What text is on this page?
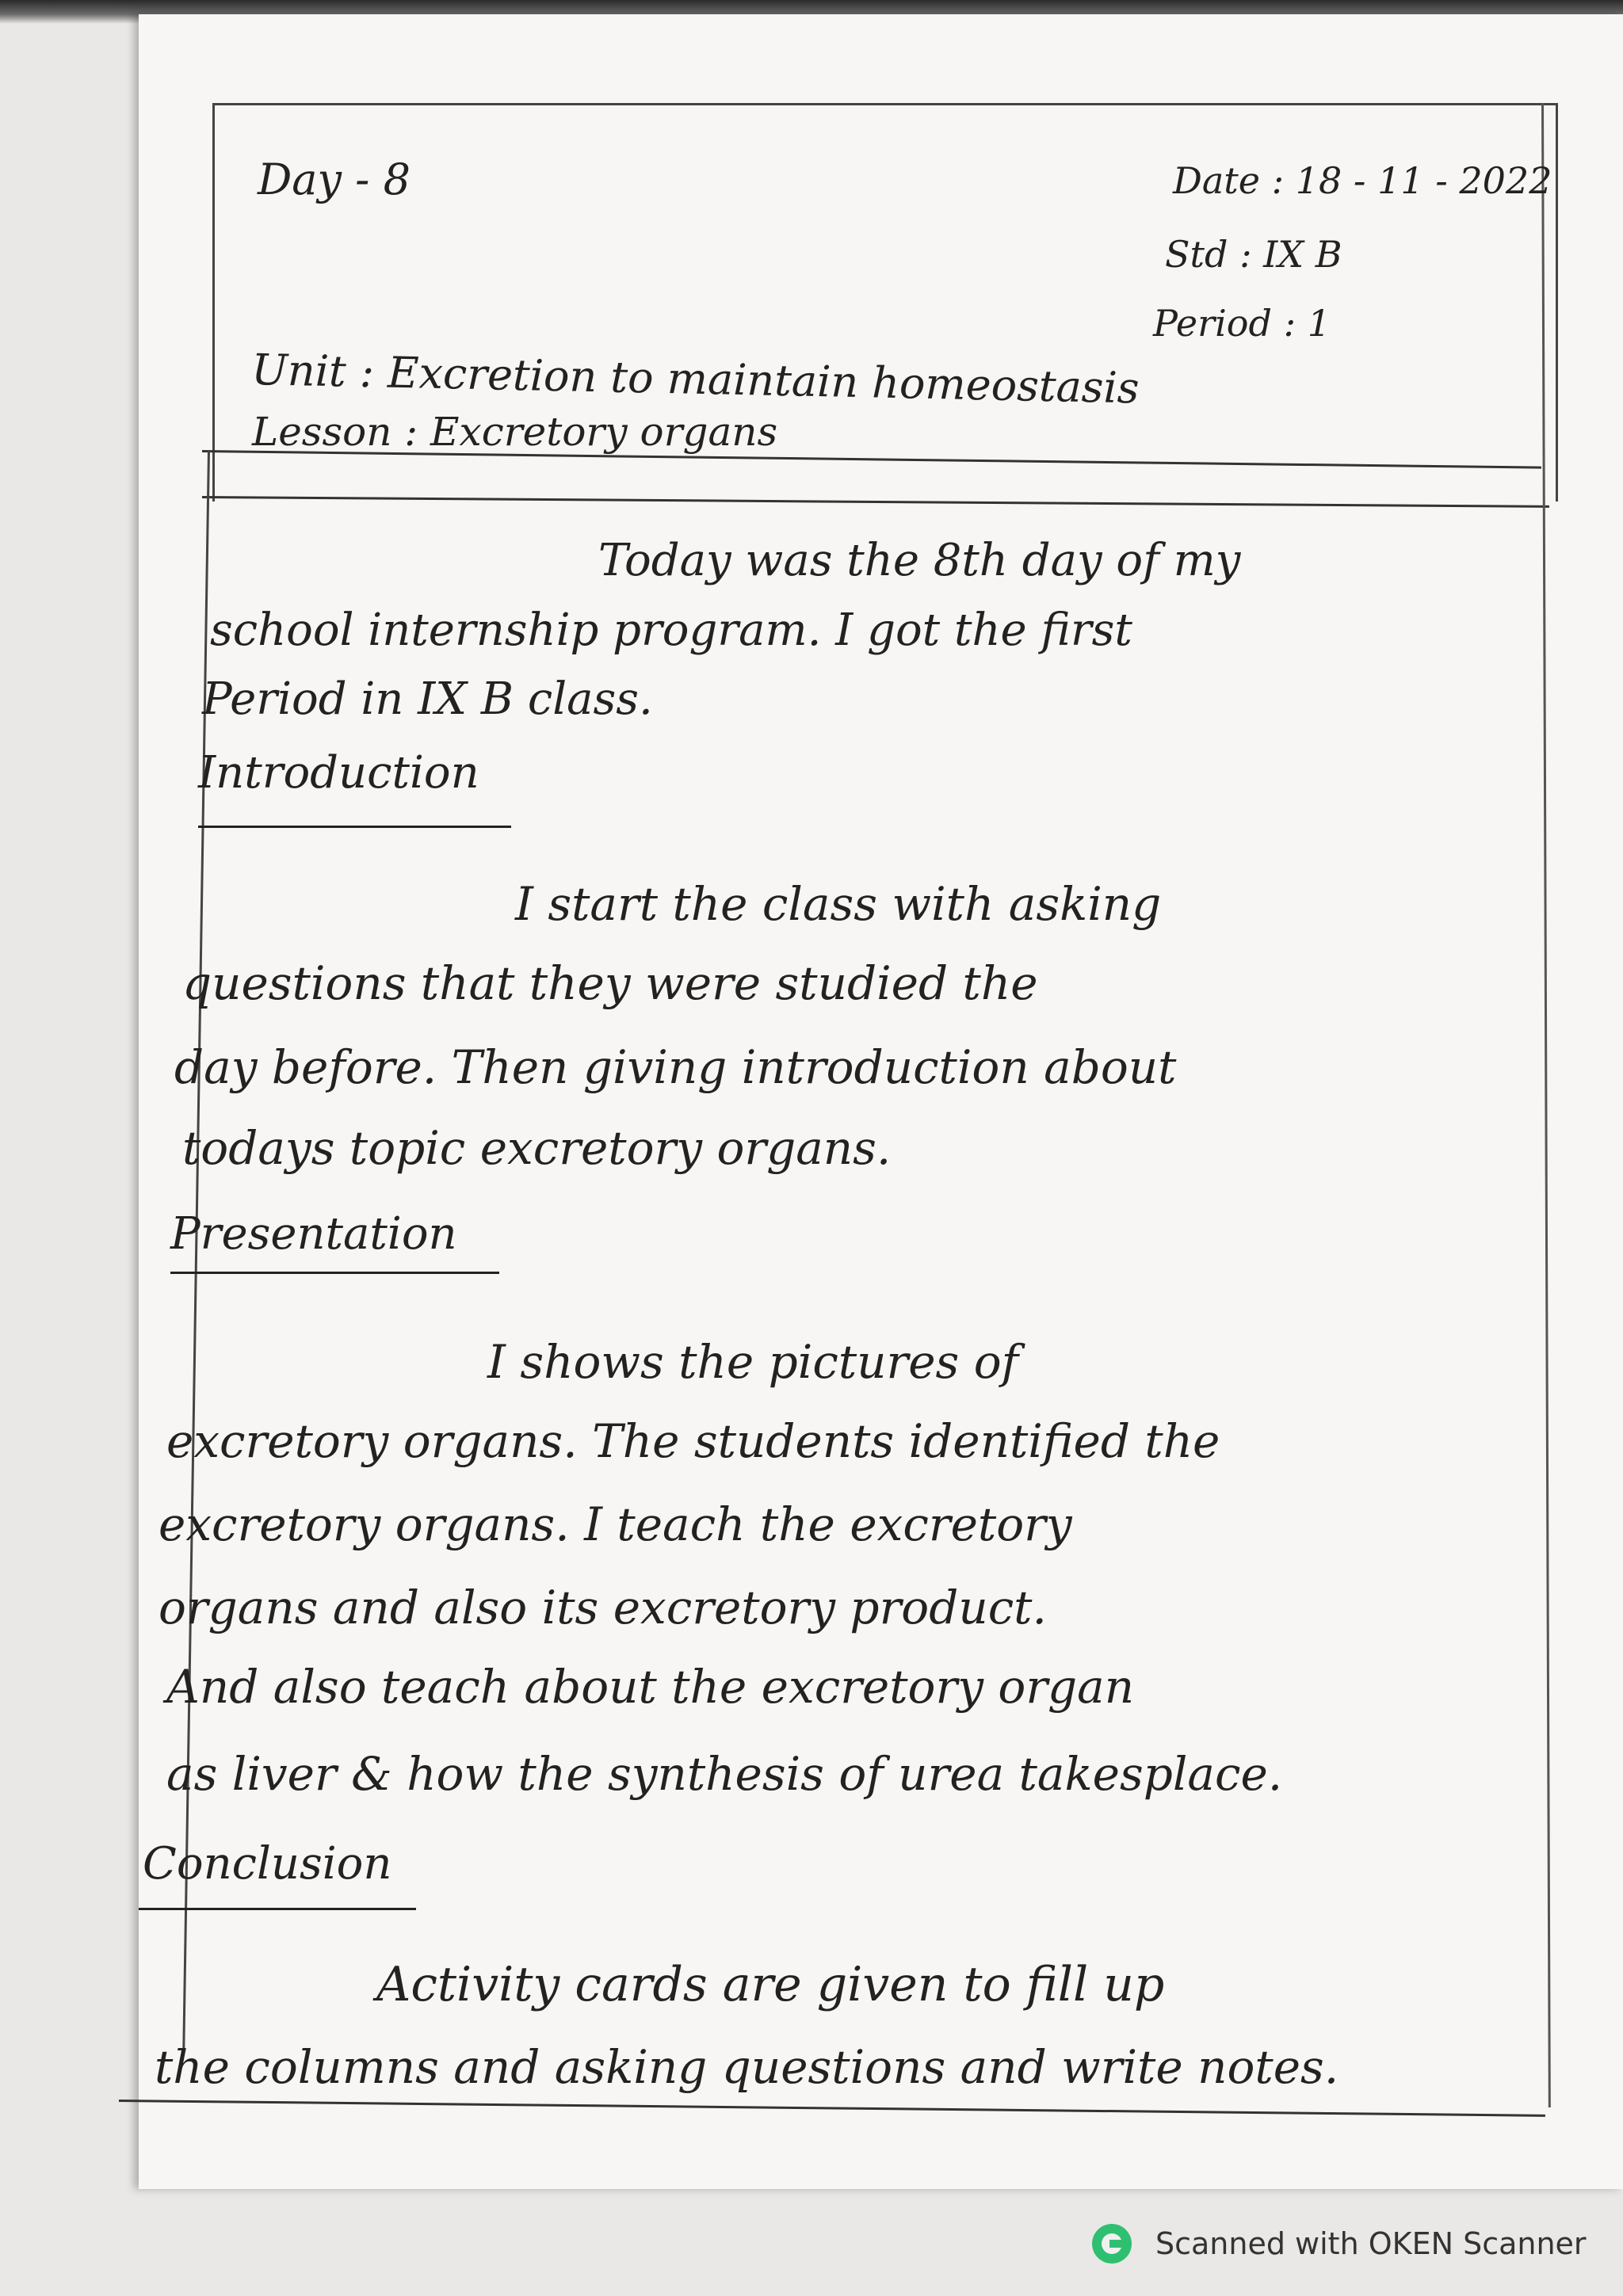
Day - 8	Date : 18 - 11 - 2022
Std : IX B
Period : 1
Unit : Excretion to maintain homeostasis
Lesson : Excretory organs
Today was the 8th day of my
school internship program. I got the first
Period in IX B class.
Introduction
I start the class with asking
questions that they were studied the
day before. Then giving introduction about
todays topic excretory organs.
Presentation
I shows the pictures of
excretory organs. The students identified the
excretory organs. I teach the excretory
organs and also its excretory product.
And also teach about the excretory organ
as liver & how the synthesis of urea takesplace.
Conclusion
Activity cards are given to fill up
the columns and asking questions and write notes.
Scanned with OKEN Scanner
